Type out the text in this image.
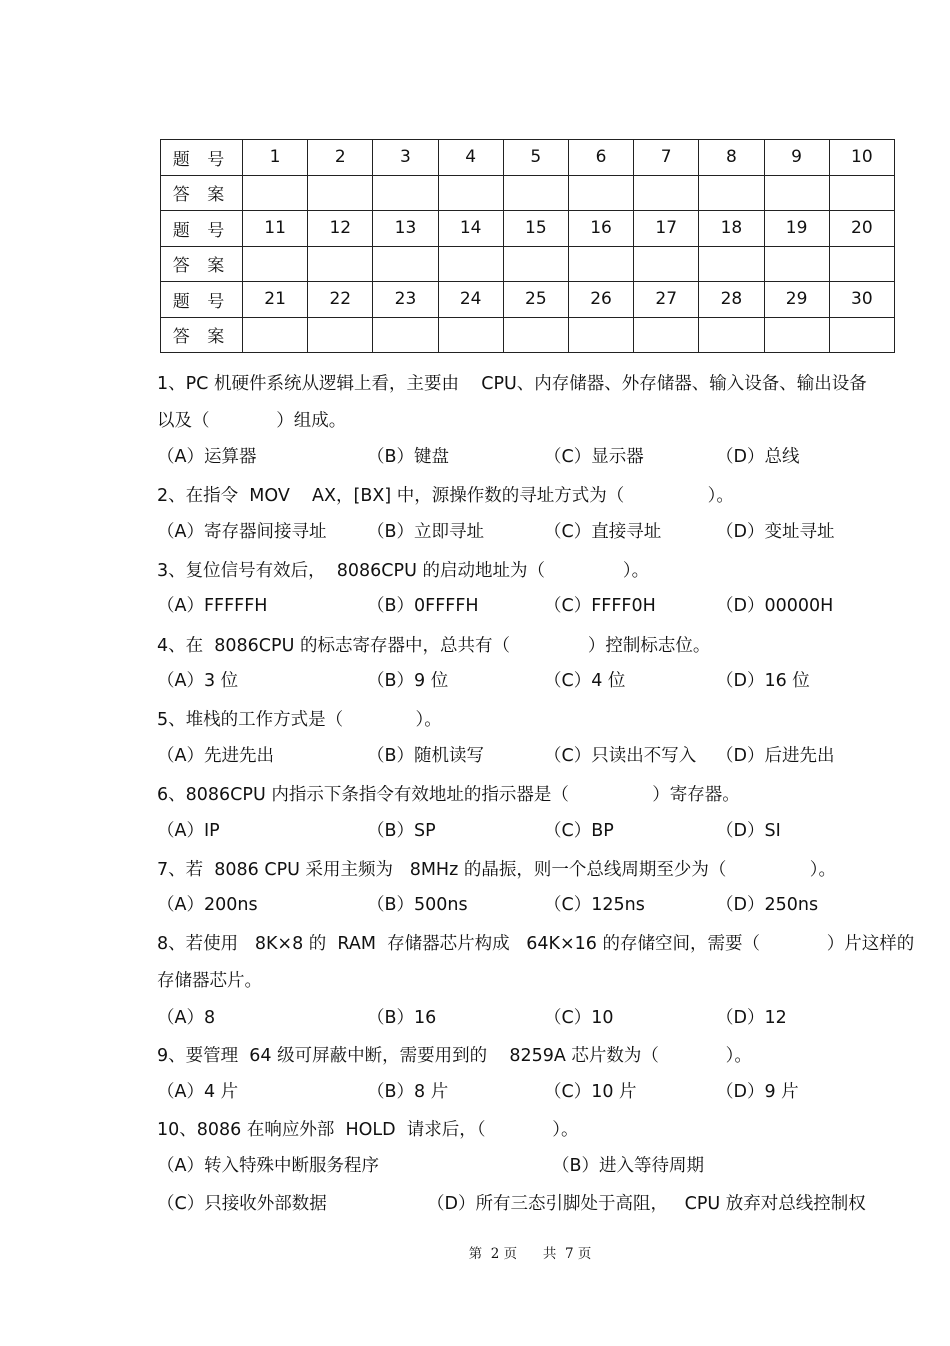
题 号	1	2	3	4	5	6	7	8	9	10
答 案										
题 号	11	12	13	14	15	16	17	18	19	20
答 案										
题 号	21	22	23	24	25	26	27	28	29	30
答 案										
1、PC 机硬件系统从逻辑上看，主要由    CPU、内存储器、外存储器、输入设备、输出设备
以及（            ）组成。
（A）运算器	（B）键盘	（C）显示器	（D）总线
2、在指令  MOV    AX，[BX] 中，源操作数的寻址方式为（               ）。
（A）寄存器间接寻址 （B）立即寻址	（C）直接寻址	（D）变址寻址
3、复位信号有效后，  8086CPU 的启动地址为（              ）。
（A）FFFFFH	（B）0FFFFH	（C）FFFF0H	（D）00000H
4、在  8086CPU 的标志寄存器中，总共有（              ）控制标志位。
（A）3 位	（B）9 位	（C）4 位	（D）16 位
5、堆栈的工作方式是（             ）。
（A）先进先出	（B）随机读写	（C）只读出不写入 （D）后进先出
6、8086CPU 内指示下条指令有效地址的指示器是（               ）寄存器。
（A）IP	（B）SP	（C）BP	（D）SI
7、若  8086 CPU 采用主频为   8MHz 的晶振，则一个总线周期至少为（               ）。
（A）200ns	（B）500ns	（C）125ns	（D）250ns
8、若使用   8K×8 的  RAM  存储器芯片构成   64K×16 的存储空间，需要（            ）片这样的
存储器芯片。
（A）8	（B）16	（C）10	（D）12
9、要管理  64 级可屏蔽中断，需要用到的    8259A 芯片数为（            ）。
（A）4 片	（B）8 片	（C）10 片	（D）9 片
10、8086 在响应外部  HOLD  请求后，（            ）。
（A）转入特殊中断服务程序	（B）进入等待周期
（C）只接收外部数据	（D）所有三态引脚处于高阻，   CPU 放弃对总线控制权
第  2 页      共  7 页
